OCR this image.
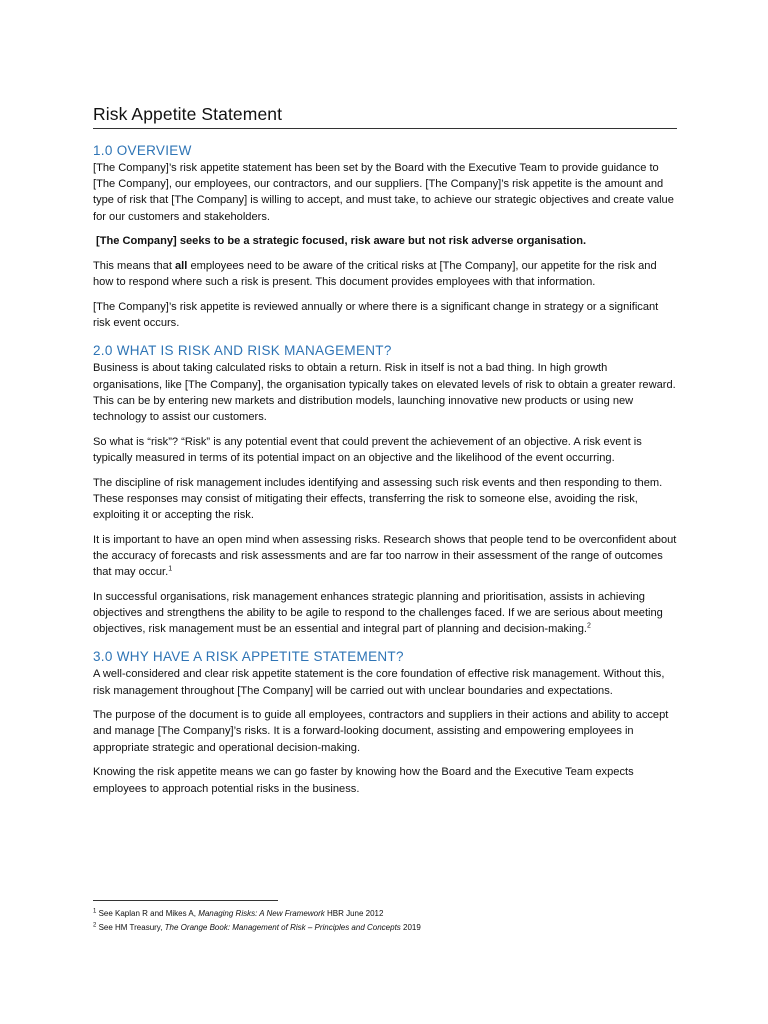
Risk Appetite Statement
1.0 OVERVIEW

[The Company]’s risk appetite statement has been set by the Board with the Executive Team to provide guidance to [The Company], our employees, our contractors, and our suppliers. [The Company]’s risk appetite is the amount and type of risk that [The Company] is willing to accept, and must take, to achieve our strategic objectives and create value for our customers and stakeholders.

[The Company] seeks to be a strategic focused, risk aware but not risk adverse organisation.

This means that all employees need to be aware of the critical risks at [The Company], our appetite for the risk and how to respond where such a risk is present. This document provides employees with that information.

[The Company]’s risk appetite is reviewed annually or where there is a significant change in strategy or a significant risk event occurs.

2.0 WHAT IS RISK AND RISK MANAGEMENT?

Business is about taking calculated risks to obtain a return. Risk in itself is not a bad thing. In high growth organisations, like [The Company], the organisation typically takes on elevated levels of risk to obtain a greater reward. This can be by entering new markets and distribution models, launching innovative new products or using new technology to assist our customers.

So what is “risk”? “Risk” is any potential event that could prevent the achievement of an objective. A risk event is typically measured in terms of its potential impact on an objective and the likelihood of the event occurring.

The discipline of risk management includes identifying and assessing such risk events and then responding to them. These responses may consist of mitigating their effects, transferring the risk to someone else, avoiding the risk, exploiting it or accepting the risk.

It is important to have an open mind when assessing risks. Research shows that people tend to be overconfident about the accuracy of forecasts and risk assessments and are far too narrow in their assessment of the range of outcomes that may occur.$^1$

In successful organisations, risk management enhances strategic planning and prioritisation, assists in achieving objectives and strengthens the ability to be agile to respond to the challenges faced. If we are serious about meeting objectives, risk management must be an essential and integral part of planning and decision-making.$^2$

3.0 WHY HAVE A RISK APPETITE STATEMENT?

A well-considered and clear risk appetite statement is the core foundation of effective risk management. Without this, risk management throughout [The Company] will be carried out with unclear boundaries and expectations.

The purpose of the document is to guide all employees, contractors and suppliers in their actions and ability to accept and manage [The Company]’s risks. It is a forward-looking document, assisting and empowering employees in appropriate strategic and operational decision-making.

Knowing the risk appetite means we can go faster by knowing how the Board and the Executive Team expects employees to approach potential risks in the business.

$^1$ See Kaplan R and Mikes A, Managing Risks: A New Framework HBR June 2012

$^2$ See HM Treasury, The Orange Book: Management of Risk – Principles and Concepts 2019
